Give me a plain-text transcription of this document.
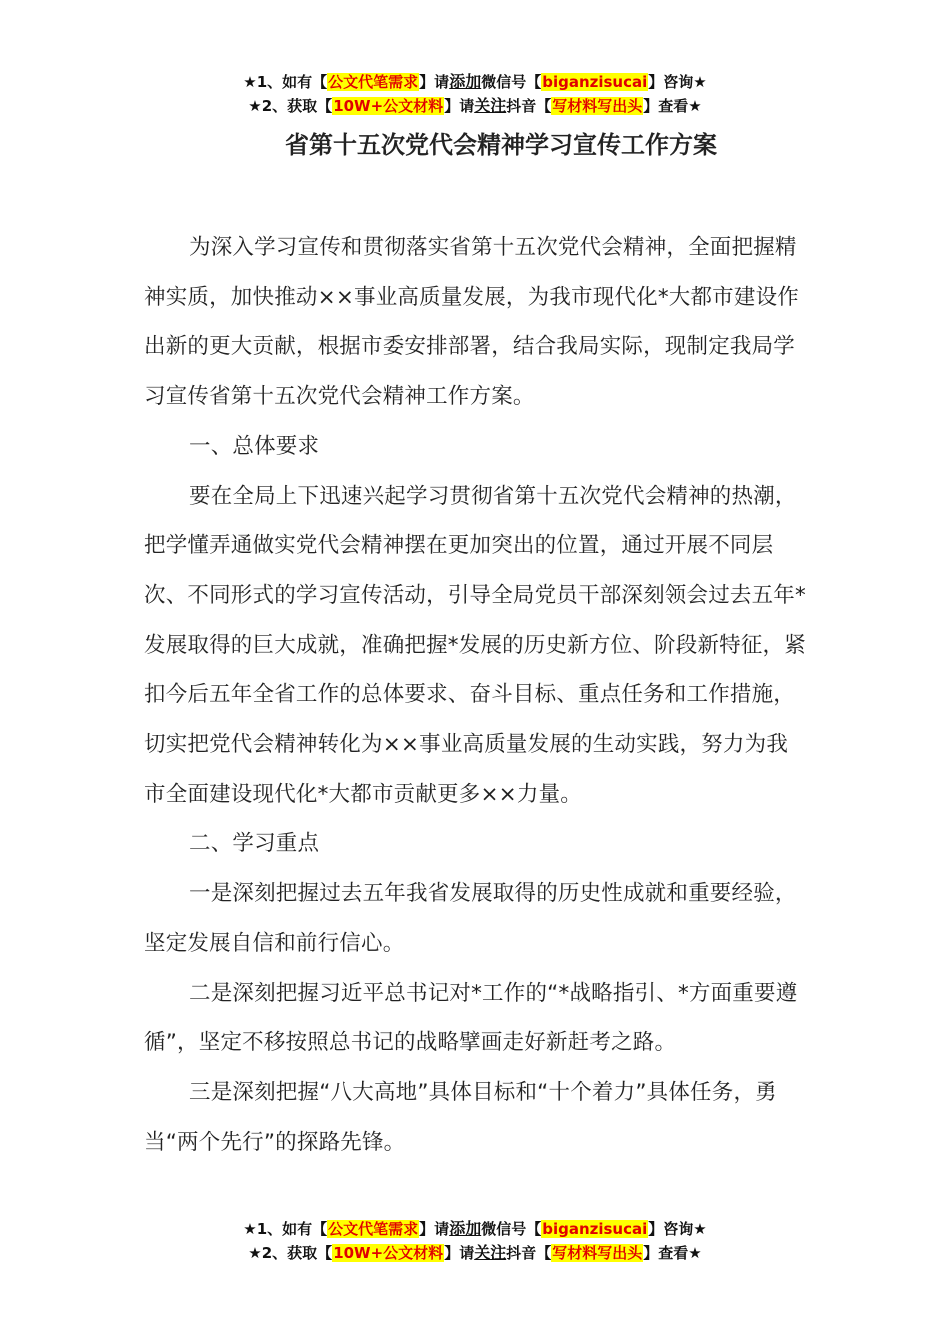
★1、如有【公文代笔需求】请添加微信号【biganzisucai】咨询★
★2、获取【10W+公文材料】请关注抖音【写材料写出头】查看★
省第十五次党代会精神学习宣传工作方案

为深入学习宣传和贯彻落实省第十五次党代会精神，全面把握精神实质，加快推动××事业高质量发展，为我市现代化*大都市建设作出新的更大贡献，根据市委安排部署，结合我局实际，现制定我局学习宣传省第十五次党代会精神工作方案。

一、总体要求

要在全局上下迅速兴起学习贯彻省第十五次党代会精神的热潮，把学懂弄通做实党代会精神摆在更加突出的位置，通过开展不同层次、不同形式的学习宣传活动，引导全局党员干部深刻领会过去五年*发展取得的巨大成就，准确把握*发展的历史新方位、阶段新特征，紧扣今后五年全省工作的总体要求、奋斗目标、重点任务和工作措施，切实把党代会精神转化为××事业高质量发展的生动实践，努力为我市全面建设现代化*大都市贡献更多××力量。

二、学习重点

一是深刻把握过去五年我省发展取得的历史性成就和重要经验，坚定发展自信和前行信心。

二是深刻把握习近平总书记对*工作的“*战略指引、*方面重要遵循”，坚定不移按照总书记的战略擘画走好新赶考之路。

三是深刻把握“八大高地”具体目标和“十个着力”具体任务，勇当“两个先行”的探路先锋。

★1、如有【公文代笔需求】请添加微信号【biganzisucai】咨询★
★2、获取【10W+公文材料】请关注抖音【写材料写出头】查看★
